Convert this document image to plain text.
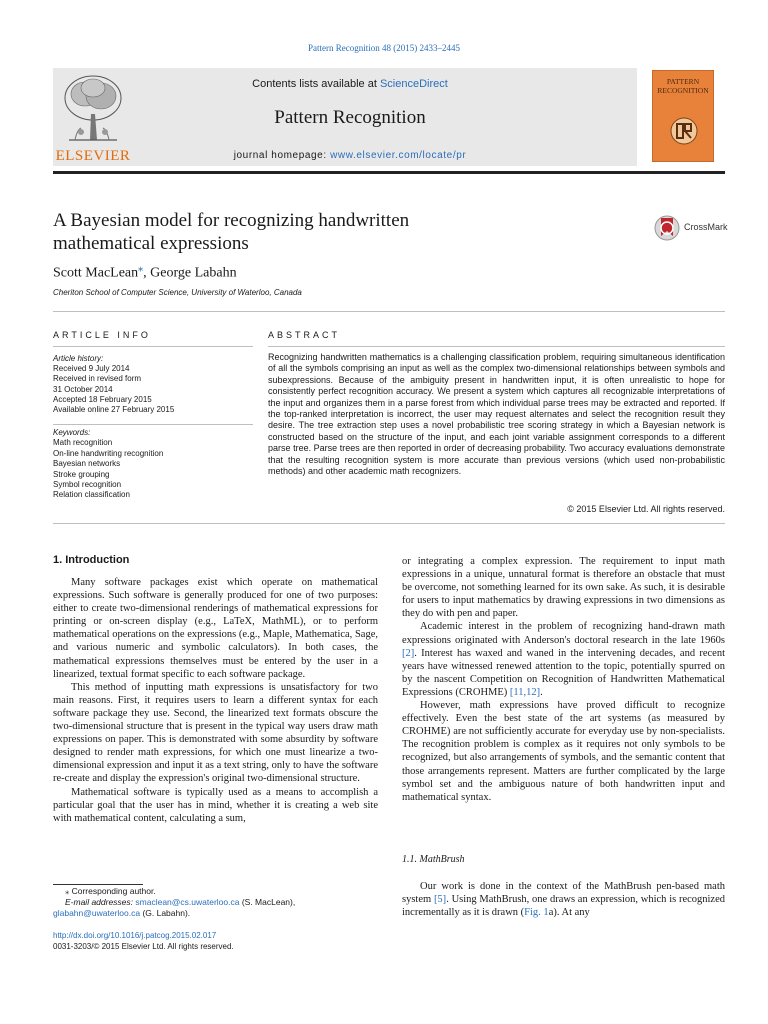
Pattern Recognition 48 (2015) 2433–2445
ELSEVIER
Contents lists available at ScienceDirect
Pattern Recognition
journal homepage: www.elsevier.com/locate/pr
PATTERN
RECOGNITION
A Bayesian model for recognizing handwritten
mathematical expressions
CrossMark
Scott MacLean⁎, George Labahn
Cheriton School of Computer Science, University of Waterloo, Canada
ARTICLE INFO	ABSTRACT
Article history:
Received 9 July 2014
Received in revised form
31 October 2014
Accepted 18 February 2015
Available online 27 February 2015
Keywords:
Math recognition
On-line handwriting recognition
Bayesian networks
Stroke grouping
Symbol recognition
Relation classification
Recognizing handwritten mathematics is a challenging classification problem, requiring simultaneous identification of all the symbols comprising an input as well as the complex two-dimensional relationships between symbols and subexpressions. Because of the ambiguity present in handwritten input, it is often unrealistic to hope for consistently perfect recognition accuracy. We present a system which captures all recognizable interpretations of the input and organizes them in a parse forest from which individual parse trees may be extracted and reported. If the top-ranked interpretation is incorrect, the user may request alternates and select the recognition result they desire. The tree extraction step uses a novel probabilistic tree scoring strategy in which a Bayesian network is constructed based on the structure of the input, and each joint variable assignment corresponds to a different parse tree. Parse trees are then reported in order of decreasing probability. Two accuracy evaluations demonstrate that the resulting recognition system is more accurate than previous versions (which used non-probabilistic methods) and other academic math recognizers.
© 2015 Elsevier Ltd. All rights reserved.
1. Introduction

Many software packages exist which operate on mathematical expressions. Such software is generally produced for one of two purposes: either to create two-dimensional renderings of mathematical expressions for printing or on-screen display (e.g., LaTeX, MathML), or to perform mathematical operations on the expressions (e.g., Maple, Mathematica, Sage, and various numeric and symbolic calculators). In both cases, the mathematical expressions themselves must be entered by the user in a linearized, textual format specific to each software package.

This method of inputting math expressions is unsatisfactory for two main reasons. First, it requires users to learn a different syntax for each software package they use. Second, the linearized text formats obscure the two-dimensional structure that is present in the typical way users draw math expressions on paper. This is demonstrated with some absurdity by software designed to render math expressions, for which one must linearize a two-dimensional expression and input it as a text string, only to have the software re-create and display the expression's original two-dimensional structure.

Mathematical software is typically used as a means to accomplish a particular goal that the user has in mind, whether it is creating a web site with mathematical content, calculating a sum,

or integrating a complex expression. The requirement to input math expressions in a unique, unnatural format is therefore an obstacle that must be overcome, not something learned for its own sake. As such, it is desirable for users to input mathematics by drawing expressions in two dimensions as they do with pen and paper.

Academic interest in the problem of recognizing hand-drawn math expressions originated with Anderson's doctoral research in the late 1960s [2]. Interest has waxed and waned in the intervening decades, and recent years have witnessed renewed attention to the topic, potentially spurred on by the nascent Competition on Recognition of Handwritten Mathematical Expressions (CROHME) [11,12].

However, math expressions have proved difficult to recognize effectively. Even the best state of the art systems (as measured by CROHME) are not sufficiently accurate for everyday use by non-specialists. The recognition problem is complex as it requires not only symbols to be recognized, but also arrangements of symbols, and the semantic content that those arrangements represent. Matters are further complicated by the large symbol set and the ambiguous nature of both handwritten input and mathematical syntax.

1.1. MathBrush

Our work is done in the context of the MathBrush pen-based math system [5]. Using MathBrush, one draws an expression, which is recognized incrementally as it is drawn (Fig. 1a). At any

⁎ Corresponding author.
E-mail addresses: smaclean@cs.uwaterloo.ca (S. MacLean),
glabahn@uwaterloo.ca (G. Labahn).
http://dx.doi.org/10.1016/j.patcog.2015.02.017
0031-3203/© 2015 Elsevier Ltd. All rights reserved.
